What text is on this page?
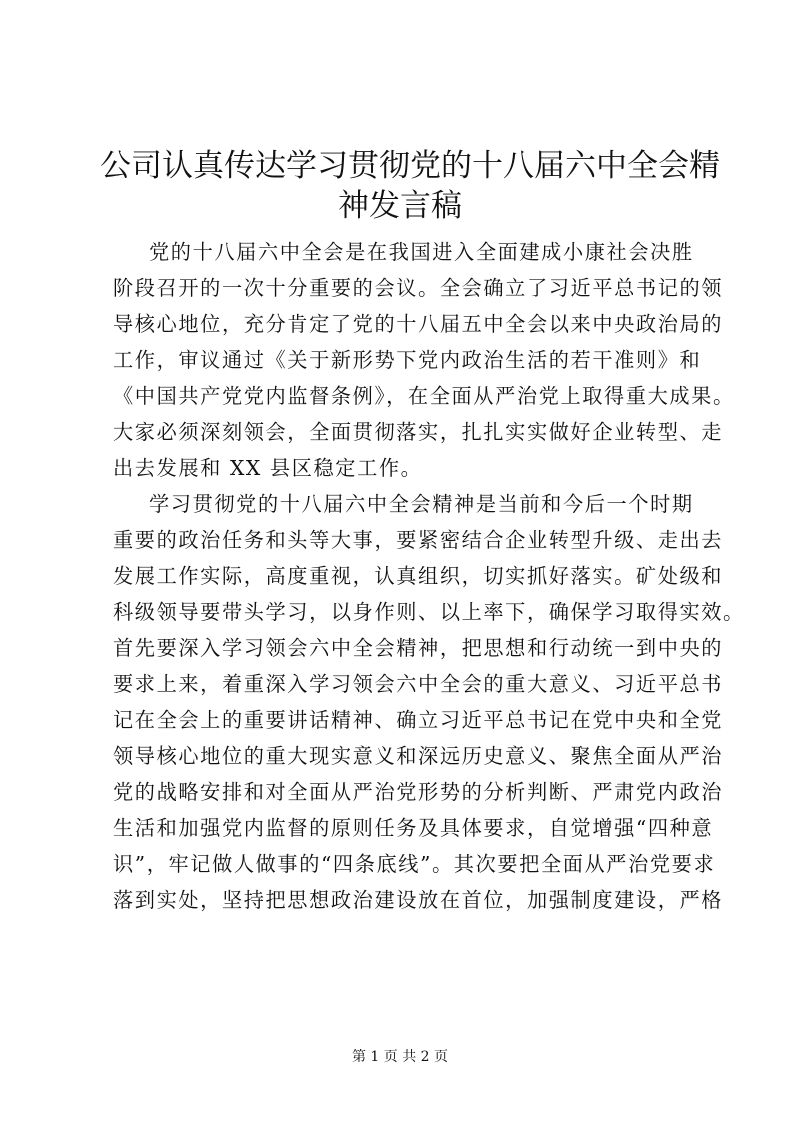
公司认真传达学习贯彻党的十八届六中全会精
神发言稿
党的十八届六中全会是在我国进入全面建成小康社会决胜
阶段召开的一次十分重要的会议。全会确立了习近平总书记的领
导核心地位，充分肯定了党的十八届五中全会以来中央政治局的
工作，审议通过《关于新形势下党内政治生活的若干准则》和
《中国共产党党内监督条例》，在全面从严治党上取得重大成果。
大家必须深刻领会，全面贯彻落实，扎扎实实做好企业转型、走
出去发展和 XX 县区稳定工作。
学习贯彻党的十八届六中全会精神是当前和今后一个时期
重要的政治任务和头等大事，要紧密结合企业转型升级、走出去
发展工作实际，高度重视，认真组织，切实抓好落实。矿处级和
科级领导要带头学习，以身作则、以上率下，确保学习取得实效。
首先要深入学习领会六中全会精神，把思想和行动统一到中央的
要求上来，着重深入学习领会六中全会的重大意义、习近平总书
记在全会上的重要讲话精神、确立习近平总书记在党中央和全党
领导核心地位的重大现实意义和深远历史意义、聚焦全面从严治
党的战略安排和对全面从严治党形势的分析判断、严肃党内政治
生活和加强党内监督的原则任务及具体要求，自觉增强“四种意
识”，牢记做人做事的“四条底线”。其次要把全面从严治党要求
落到实处，坚持把思想政治建设放在首位，加强制度建设，严格
第 1 页 共 2 页
